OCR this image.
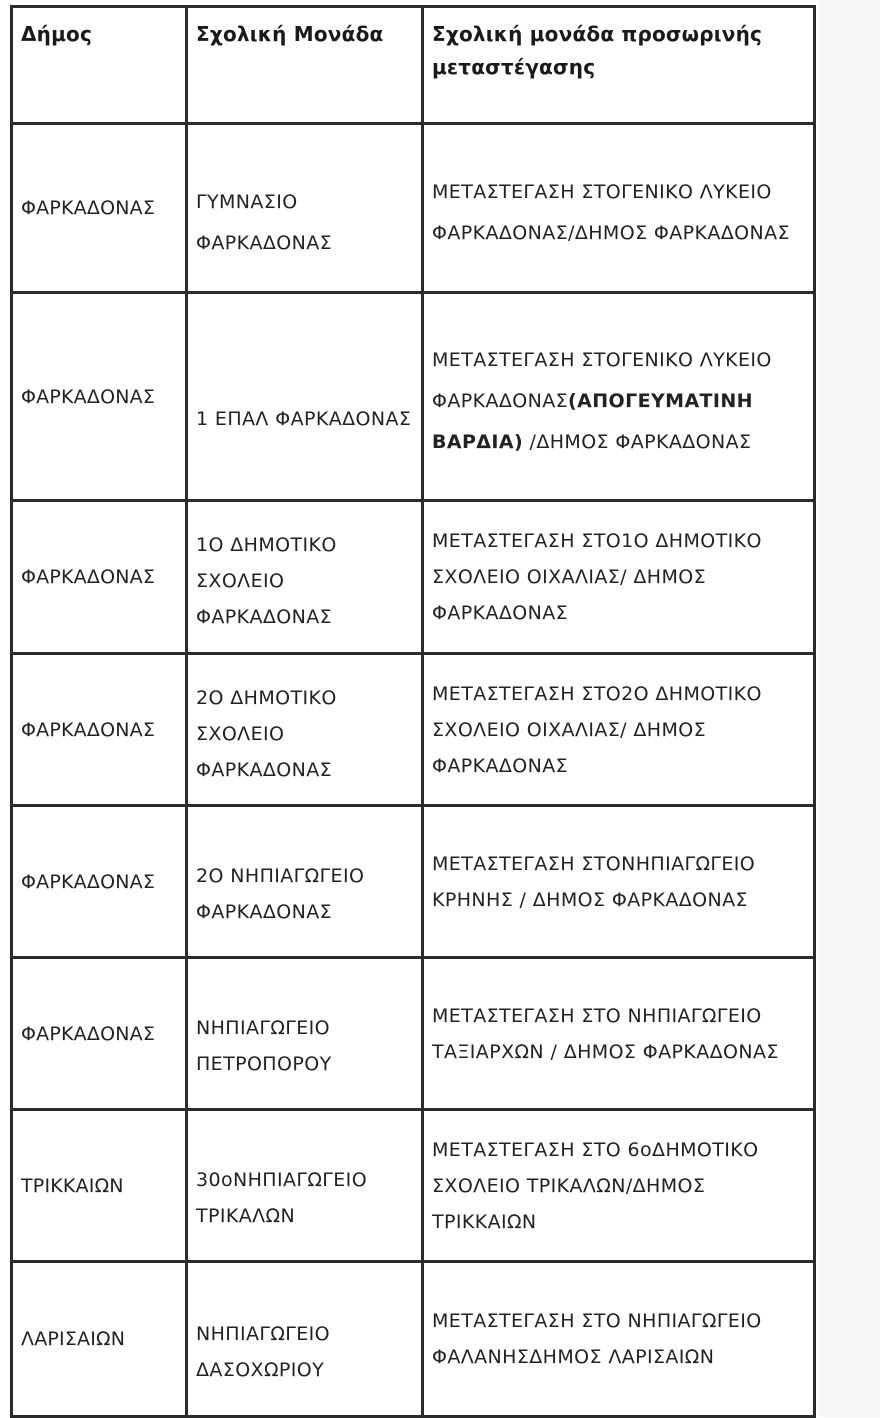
Δήμος	Σχολική Μονάδα	Σχολική μονάδα προσωρινής μεταστέγασης
ΦΑΡΚΑΔΟΝΑΣ	ΓΥΜΝΑΣΙΟ ΦΑΡΚΑΔΟΝΑΣ	ΜΕΤΑΣΤΕΓΑΣΗ ΣΤΟΓΕΝΙΚΟ ΛΥΚΕΙΟ ΦΑΡΚΑΔΟΝΑΣ/ΔΗΜΟΣ ΦΑΡΚΑΔΟΝΑΣ
ΦΑΡΚΑΔΟΝΑΣ	1 ΕΠΑΛ ΦΑΡΚΑΔΟΝΑΣ	ΜΕΤΑΣΤΕΓΑΣΗ ΣΤΟΓΕΝΙΚΟ ΛΥΚΕΙΟ ΦΑΡΚΑΔΟΝΑΣ(ΑΠΟΓΕΥΜΑΤΙΝΗ ΒΑΡΔΙΑ) /ΔΗΜΟΣ ΦΑΡΚΑΔΟΝΑΣ
ΦΑΡΚΑΔΟΝΑΣ	1Ο ΔΗΜΟΤΙΚΟ ΣΧΟΛΕΙΟ ΦΑΡΚΑΔΟΝΑΣ	ΜΕΤΑΣΤΕΓΑΣΗ ΣΤΟ1Ο ΔΗΜΟΤΙΚΟ ΣΧΟΛΕΙΟ ΟΙΧΑΛΙΑΣ/ ΔΗΜΟΣ ΦΑΡΚΑΔΟΝΑΣ
ΦΑΡΚΑΔΟΝΑΣ	2Ο ΔΗΜΟΤΙΚΟ ΣΧΟΛΕΙΟ ΦΑΡΚΑΔΟΝΑΣ	ΜΕΤΑΣΤΕΓΑΣΗ ΣΤΟ2Ο ΔΗΜΟΤΙΚΟ ΣΧΟΛΕΙΟ ΟΙΧΑΛΙΑΣ/ ΔΗΜΟΣ ΦΑΡΚΑΔΟΝΑΣ
ΦΑΡΚΑΔΟΝΑΣ	2Ο ΝΗΠΙΑΓΩΓΕΙΟ ΦΑΡΚΑΔΟΝΑΣ	ΜΕΤΑΣΤΕΓΑΣΗ ΣΤΟΝΗΠΙΑΓΩΓΕΙΟ ΚΡΗΝΗΣ / ΔΗΜΟΣ ΦΑΡΚΑΔΟΝΑΣ
ΦΑΡΚΑΔΟΝΑΣ	ΝΗΠΙΑΓΩΓΕΙΟ ΠΕΤΡΟΠΟΡΟΥ	ΜΕΤΑΣΤΕΓΑΣΗ ΣΤΟ ΝΗΠΙΑΓΩΓΕΙΟ ΤΑΞΙΑΡΧΩΝ / ΔΗΜΟΣ ΦΑΡΚΑΔΟΝΑΣ
ΤΡΙΚΚΑΙΩΝ	30oΝΗΠΙΑΓΩΓΕΙΟ ΤΡΙΚΑΛΩΝ	ΜΕΤΑΣΤΕΓΑΣΗ ΣΤΟ 6oΔΗΜΟΤΙΚΟ ΣΧΟΛΕΙΟ ΤΡΙΚΑΛΩΝ/ΔΗΜΟΣ ΤΡΙΚΚΑΙΩΝ
ΛΑΡΙΣΑΙΩΝ	ΝΗΠΙΑΓΩΓΕΙΟ ΔΑΣΟΧΩΡΙΟΥ	ΜΕΤΑΣΤΕΓΑΣΗ ΣΤΟ ΝΗΠΙΑΓΩΓΕΙΟ ΦΑΛΑΝΗΣΔΗΜΟΣ ΛΑΡΙΣΑΙΩΝ
